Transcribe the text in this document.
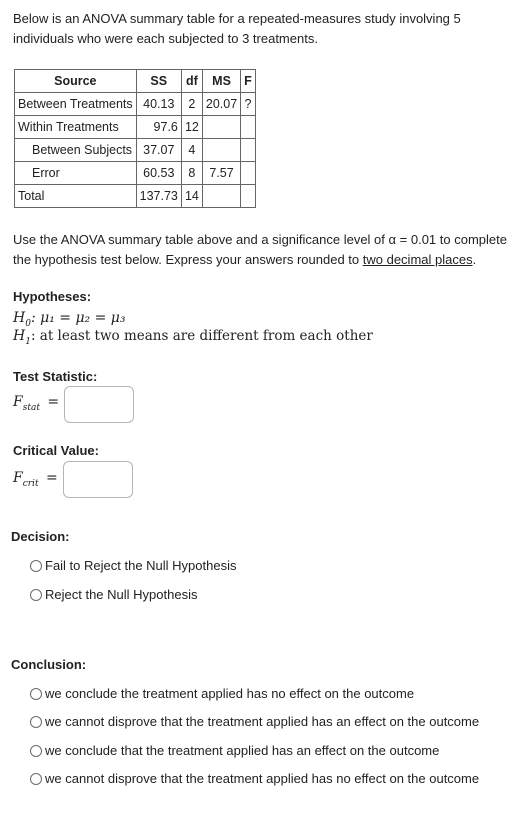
Below is an ANOVA summary table for a repeated-measures study involving 5 individuals who were each subjected to 3 treatments.
Source	SS	df	MS	F
Between Treatments	40.13	2	20.07	?
Within Treatments	97.6	12		
Between Subjects	37.07	4		
Error	60.53	8	7.57	
Total	137.73	14		
Use the ANOVA summary table above and a significance level of α = 0.01 to complete the hypothesis test below. Express your answers rounded to two decimal places.
Hypotheses:
$H_0$: μ₁ = μ₂ = μ₃
$H_1$: at least two means are different from each other
Test Statistic:
$F_{stat}$ =
Critical Value:
$F_{crit}$ =
Decision:
Fail to Reject the Null Hypothesis
Reject the Null Hypothesis
Conclusion:
we conclude the treatment applied has no effect on the outcome
we cannot disprove that the treatment applied has an effect on the outcome
we conclude that the treatment applied has an effect on the outcome
we cannot disprove that the treatment applied has no effect on the outcome
